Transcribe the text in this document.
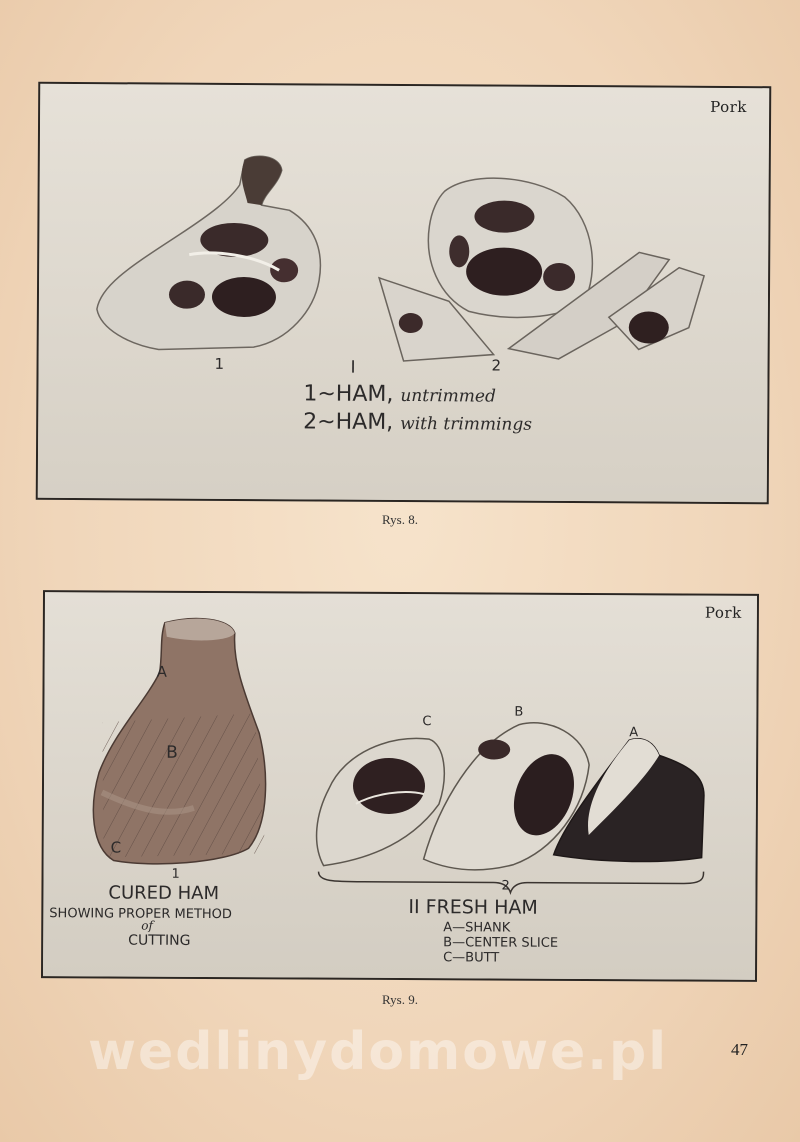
Pork
1	2
I
1~HAM, untrimmed
2~HAM, with trimmings
Rys. 8.
Pork
A
B
C
C
B
A
1
2
CURED HAM
SHOWING PROPER METHOD
of
CUTTING
II FRESH HAM
A—SHANK
B—CENTER SLICE
C—BUTT
Rys. 9.
wedlinydomowe.pl	47
